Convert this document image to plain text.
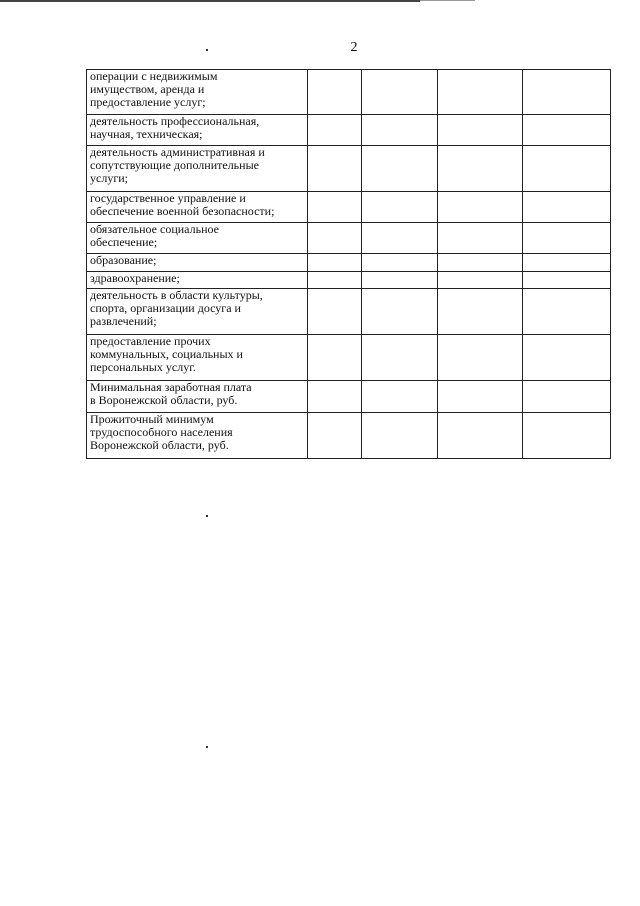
2
операции с недвижимым
имуществом, аренда и
предоставление услуг;				

деятельность профессиональная,
научная, техническая;				

деятельность административная и
сопутствующие дополнительные
услуги;				

государственное управление и
обеспечение военной безопасности;				

обязательное социальное
обеспечение;				

образование;				

здравоохранение;				

деятельность в области культуры,
спорта, организации досуга и
развлечений;				

предоставление прочих
коммунальных, социальных и
персональных услуг.				

Минимальная заработная плата
в Воронежской области, руб.				

Прожиточный минимум
трудоспособного населения
Воронежской области, руб.				
